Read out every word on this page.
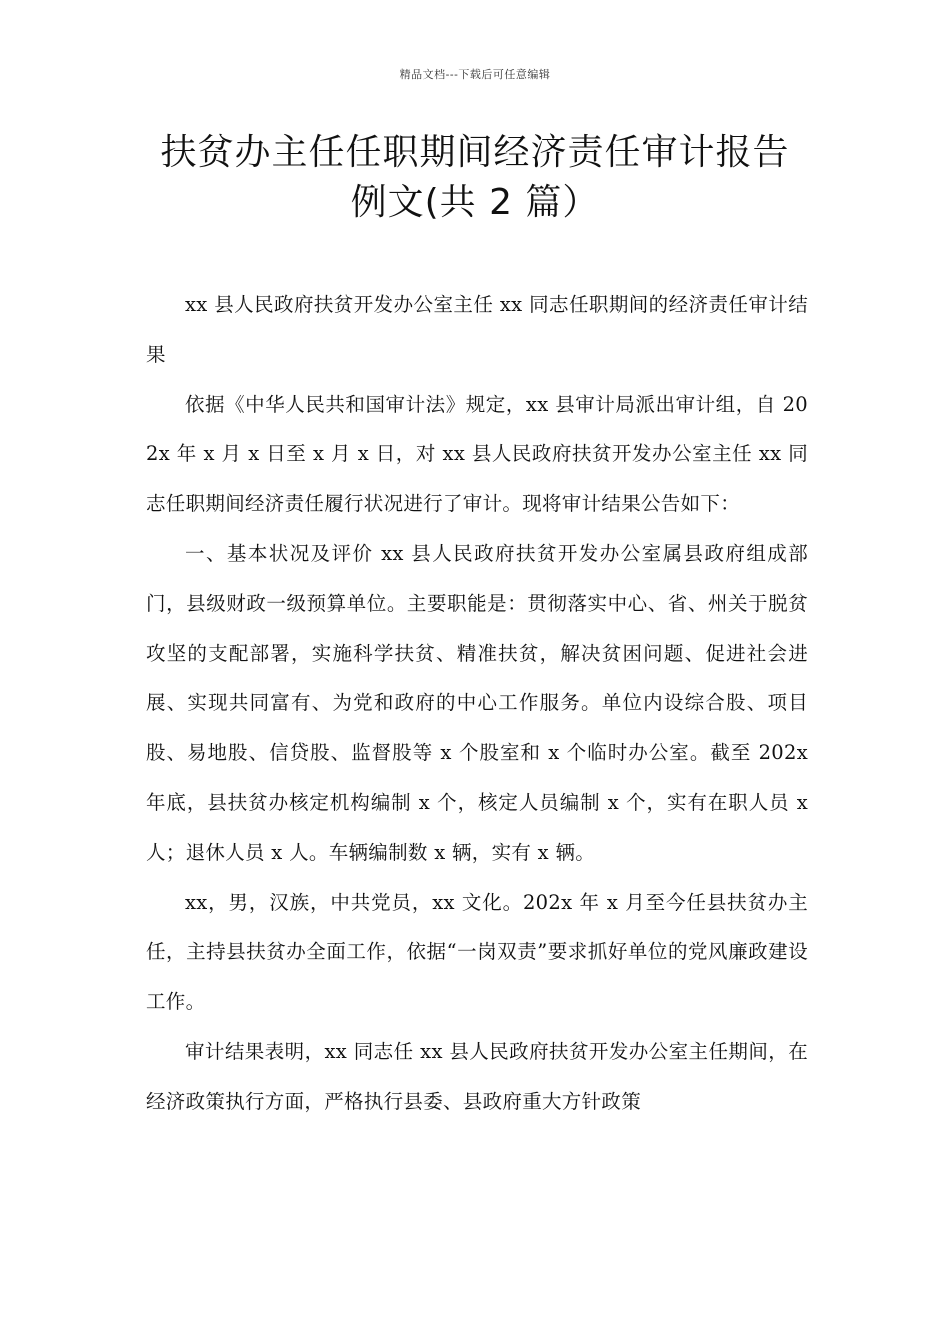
精品文档---下载后可任意编辑
扶贫办主任任职期间经济责任审计报告
例文(共 2 篇）

xx 县人民政府扶贫开发办公室主任 xx 同志任职期间的经济责任审计结果

依据《中华人民共和国审计法》规定，xx 县审计局派出审计组，自 202x 年 x 月 x 日至 x 月 x 日，对 xx 县人民政府扶贫开发办公室主任 xx 同志任职期间经济责任履行状况进行了审计。现将审计结果公告如下：

一、基本状况及评价 xx 县人民政府扶贫开发办公室属县政府组成部门，县级财政一级预算单位。主要职能是：贯彻落实中心、省、州关于脱贫攻坚的支配部署，实施科学扶贫、精准扶贫，解决贫困问题、促进社会进展、实现共同富有、为党和政府的中心工作服务。单位内设综合股、项目股、易地股、信贷股、监督股等 x 个股室和 x 个临时办公室。截至 202x 年底，县扶贫办核定机构编制 x 个，核定人员编制 x 个，实有在职人员 x 人；退休人员 x 人。车辆编制数 x 辆，实有 x 辆。

xx，男，汉族，中共党员，xx 文化。202x 年 x 月至今任县扶贫办主任，主持县扶贫办全面工作，依据“一岗双责”要求抓好单位的党风廉政建设工作。

审计结果表明，xx 同志任 xx 县人民政府扶贫开发办公室主任期间，在经济政策执行方面，严格执行县委、县政府重大方针政策
